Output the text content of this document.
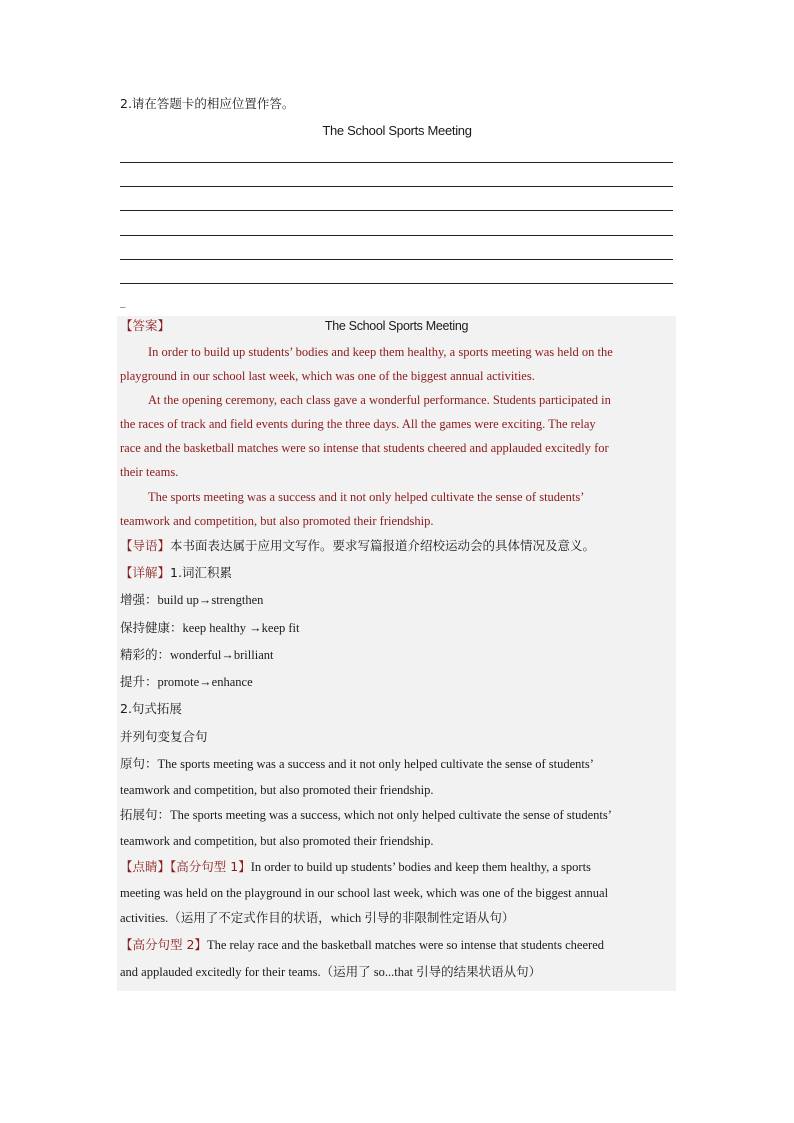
2.请在答题卡的相应位置作答。
The School Sports Meeting
_
【答案】	The School Sports Meeting
In order to build up students’ bodies and keep them healthy, a sports meeting was held on the
playground in our school last week, which was one of the biggest annual activities.
At the opening ceremony, each class gave a wonderful performance. Students participated in
the races of track and field events during the three days. All the games were exciting. The relay
race and the basketball matches were so intense that students cheered and applauded excitedly for
their teams.
The sports meeting was a success and it not only helped cultivate the sense of students’
teamwork and competition, but also promoted their friendship.
【导语】本书面表达属于应用文写作。要求写篇报道介绍校运动会的具体情况及意义。
【详解】1.词汇积累
增强：build up→strengthen
保持健康：keep healthy →keep fit
精彩的：wonderful→brilliant
提升：promote→enhance
2.句式拓展
并列句变复合句
原句：The sports meeting was a success and it not only helped cultivate the sense of students’
teamwork and competition, but also promoted their friendship.
拓展句：The sports meeting was a success, which not only helped cultivate the sense of students’
teamwork and competition, but also promoted their friendship.
【点睛】【高分句型 1】In order to build up students’ bodies and keep them healthy, a sports
meeting was held on the playground in our school last week, which was one of the biggest annual
activities.（运用了不定式作目的状语，which 引导的非限制性定语从句）
【高分句型 2】The relay race and the basketball matches were so intense that students cheered
and applauded excitedly for their teams.（运用了 so...that 引导的结果状语从句）
